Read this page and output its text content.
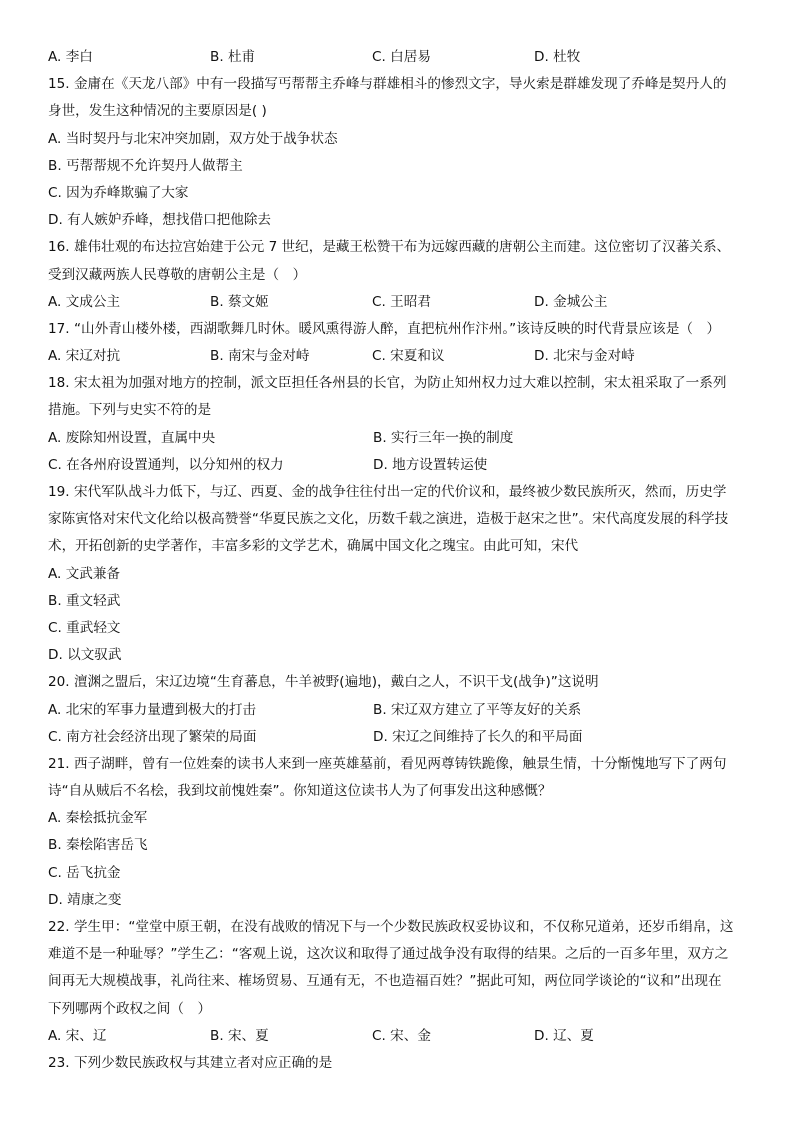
A. 李白	B. 杜甫	C. 白居易	D. 杜牧
15. 金庸在《天龙八部》中有一段描写丐帮帮主乔峰与群雄相斗的惨烈文字，导火索是群雄发现了乔峰是契丹人的
身世，发生这种情况的主要原因是( )
A. 当时契丹与北宋冲突加剧，双方处于战争状态
B. 丐帮帮规不允许契丹人做帮主
C. 因为乔峰欺骗了大家
D. 有人嫉妒乔峰，想找借口把他除去
16. 雄伟壮观的布达拉宫始建于公元 7 世纪，是藏王松赞干布为远嫁西藏的唐朝公主而建。这位密切了汉蕃关系、
受到汉藏两族人民尊敬的唐朝公主是（　）
A. 文成公主	B. 蔡文姬	C. 王昭君	D. 金城公主
17. “山外青山楼外楼，西湖歌舞几时休。暖风熏得游人醉，直把杭州作汴州。”该诗反映的时代背景应该是（　）
A. 宋辽对抗	B. 南宋与金对峙	C. 宋夏和议	D. 北宋与金对峙
18. 宋太祖为加强对地方的控制，派文臣担任各州县的长官，为防止知州权力过大难以控制，宋太祖采取了一系列
措施。下列与史实不符的是
A. 废除知州设置，直属中央	B. 实行三年一换的制度
C. 在各州府设置通判，以分知州的权力	D. 地方设置转运使
19. 宋代军队战斗力低下，与辽、西夏、金的战争往往付出一定的代价议和，最终被少数民族所灭，然而，历史学
家陈寅恪对宋代文化给以极高赞誉“华夏民族之文化，历数千载之演进，造极于赵宋之世”。宋代高度发展的科学技
术，开拓创新的史学著作，丰富多彩的文学艺术，确属中国文化之瑰宝。由此可知，宋代
A. 文武兼备
B. 重文轻武
C. 重武轻文
D. 以文驭武
20. 澶渊之盟后，宋辽边境“生育蕃息，牛羊被野(遍地)，戴白之人，不识干戈(战争)”这说明
A. 北宋的军事力量遭到极大的打击	B. 宋辽双方建立了平等友好的关系
C. 南方社会经济出现了繁荣的局面	D. 宋辽之间维持了长久的和平局面
21. 西子湖畔，曾有一位姓秦的读书人来到一座英雄墓前，看见两尊铸铁跪像，触景生情，十分惭愧地写下了两句
诗“自从贼后不名桧，我到坟前愧姓秦”。你知道这位读书人为了何事发出这种感慨？
A. 秦桧抵抗金军
B. 秦桧陷害岳飞
C. 岳飞抗金
D. 靖康之变
22. 学生甲：“堂堂中原王朝，在没有战败的情况下与一个少数民族政权妥协议和，不仅称兄道弟，还岁币绢帛，这
难道不是一种耻辱？”学生乙：“客观上说，这次议和取得了通过战争没有取得的结果。之后的一百多年里，双方之
间再无大规模战事，礼尚往来、榷场贸易、互通有无，不也造福百姓？”据此可知，两位同学谈论的“议和”出现在
下列哪两个政权之间（　）
A. 宋、辽	B. 宋、夏	C. 宋、金	D. 辽、夏
23. 下列少数民族政权与其建立者对应正确的是
